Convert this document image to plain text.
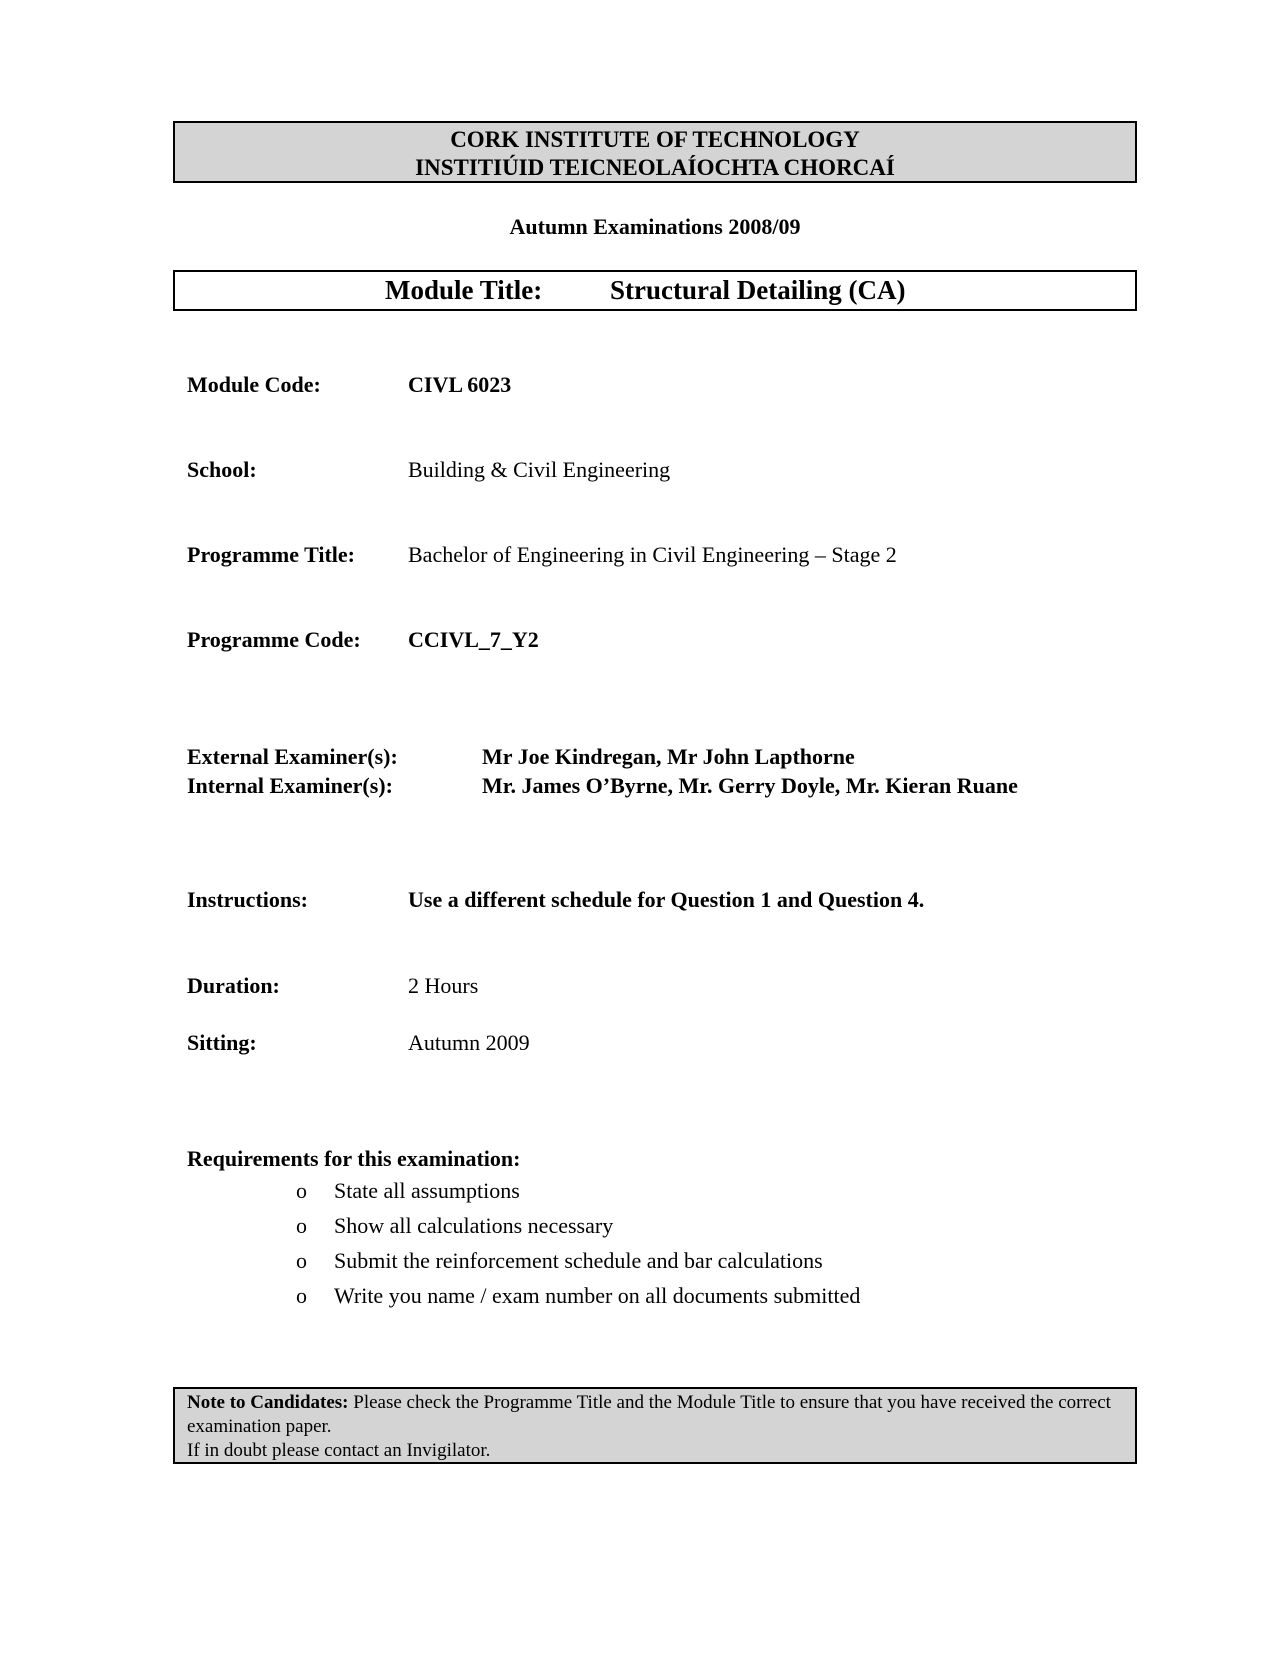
CORK INSTITUTE OF TECHNOLOGY
INSTITIÚID TEICNEOLAÍOCHTA CHORCAÍ
Autumn Examinations 2008/09
Module Title:	Structural Detailing (CA)
Module Code:	CIVL 6023
School:	Building & Civil Engineering
Programme Title: Bachelor of Engineering in Civil Engineering – Stage 2
Programme Code: CCIVL_7_Y2
External Examiner(s):	Mr Joe Kindregan, Mr John Lapthorne
Internal Examiner(s):	Mr. James O’Byrne, Mr. Gerry Doyle, Mr. Kieran Ruane
Instructions:	Use a different schedule for Question 1 and Question 4.
Duration:	2 Hours
Sitting:	Autumn 2009
Requirements for this examination:
o State all assumptions
o Show all calculations necessary
o Submit the reinforcement schedule and bar calculations
o Write you name / exam number on all documents submitted
Note to Candidates: Please check the Programme Title and the Module Title to ensure that you have received the correct examination paper.
If in doubt please contact an Invigilator.
